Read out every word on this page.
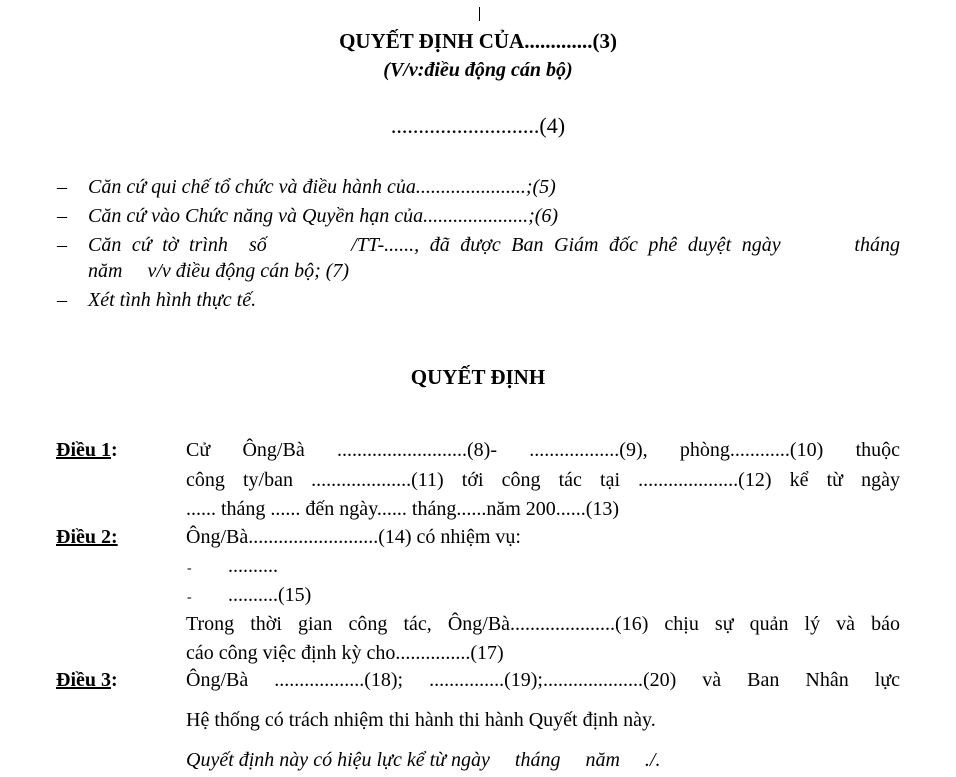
QUYẾT ĐỊNH CỦA.............(3)
(V/v:điều động cán bộ)
...........................(4)
– Căn cứ qui chế tổ chức và điều hành của......................;(5)
– Căn cứ vào Chức năng và Quyền hạn của.....................;(6)
– Căn cứ tờ trình  số        /TT-......, đã được Ban Giám đốc phê duyệt ngày       tháng
năm     v/v điều động cán bộ; (7)
– Xét tình hình thực tế.
QUYẾT ĐỊNH
Điều 1:	Cử Ông/Bà ..........................(8)- ..................(9), phòng............(10) thuộc
công ty/ban ....................(11) tới công tác tại ....................(12) kể từ ngày
...... tháng ...... đến ngày...... tháng......năm 200......(13)
Điều 2:	Ông/Bà..........................(14) có nhiệm vụ:
- ..........
- ..........(15)
Trong thời gian công tác, Ông/Bà.....................(16) chịu sự quản lý và báo
cáo công việc định kỳ cho...............(17)
Điều 3:	Ông/Bà ..................(18); ...............(19);....................(20) và Ban Nhân lực
Hệ thống có trách nhiệm thi hành thi hành Quyết định này.
Quyết định này có hiệu lực kể từ ngày     tháng     năm     ./.
